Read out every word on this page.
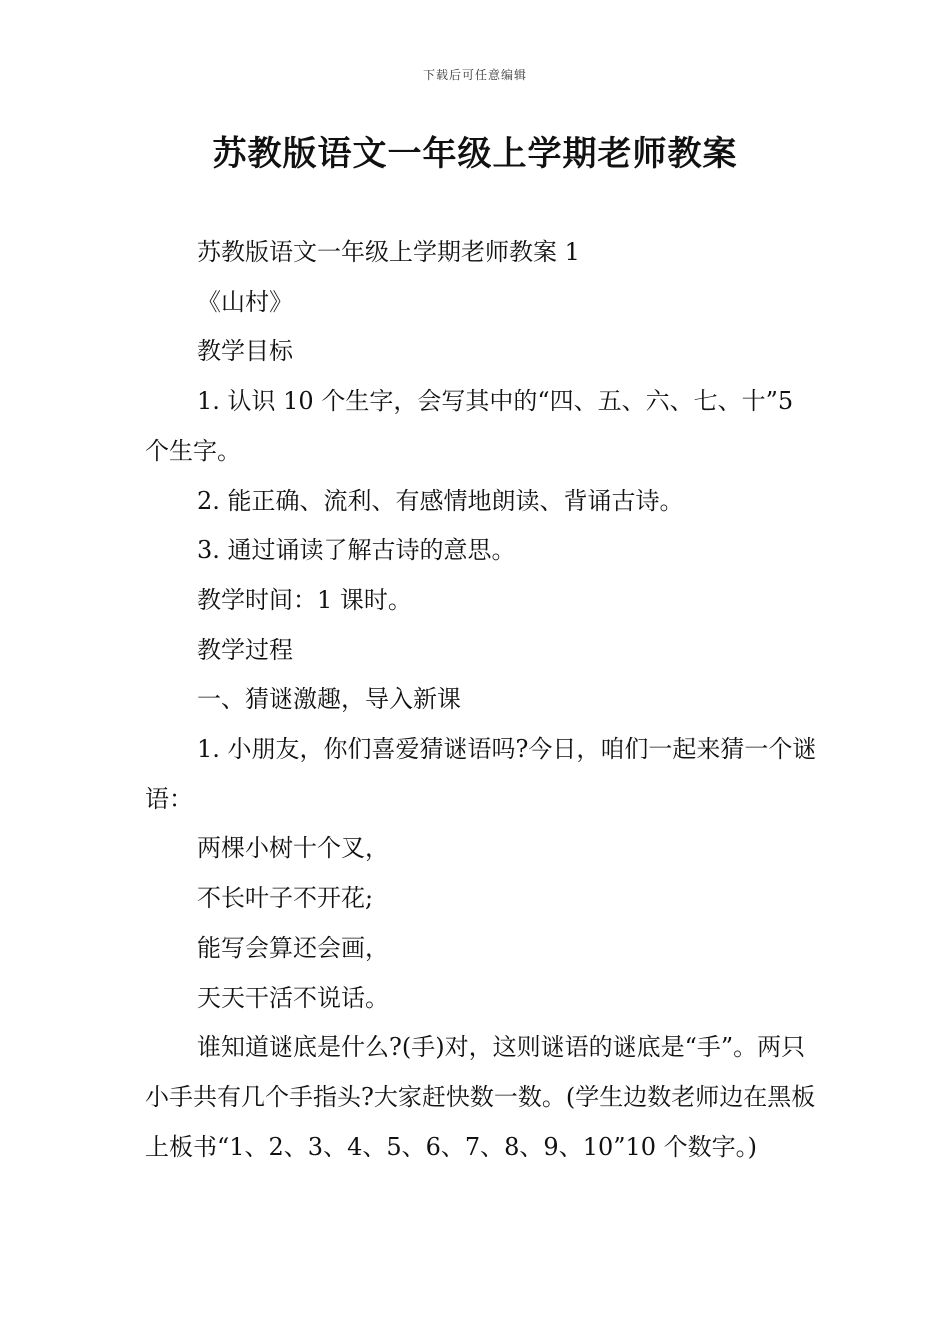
下载后可任意编辑
苏教版语文一年级上学期老师教案

苏教版语文一年级上学期老师教案 1

《山村》

教学目标

1. 认识 10 个生字，会写其中的“四、五、六、七、十”5 个生字。

2. 能正确、流利、有感情地朗读、背诵古诗。

3. 通过诵读了解古诗的意思。

教学时间：1 课时。

教学过程

一、猜谜激趣，导入新课

1. 小朋友，你们喜爱猜谜语吗?今日，咱们一起来猜一个谜语：

两棵小树十个叉，

不长叶子不开花;

能写会算还会画，

天天干活不说话。

谁知道谜底是什么?(手)对，这则谜语的谜底是“手”。两只小手共有几个手指头?大家赶快数一数。(学生边数老师边在黑板上板书“1、2、3、4、5、6、7、8、9、10”10 个数字。)
